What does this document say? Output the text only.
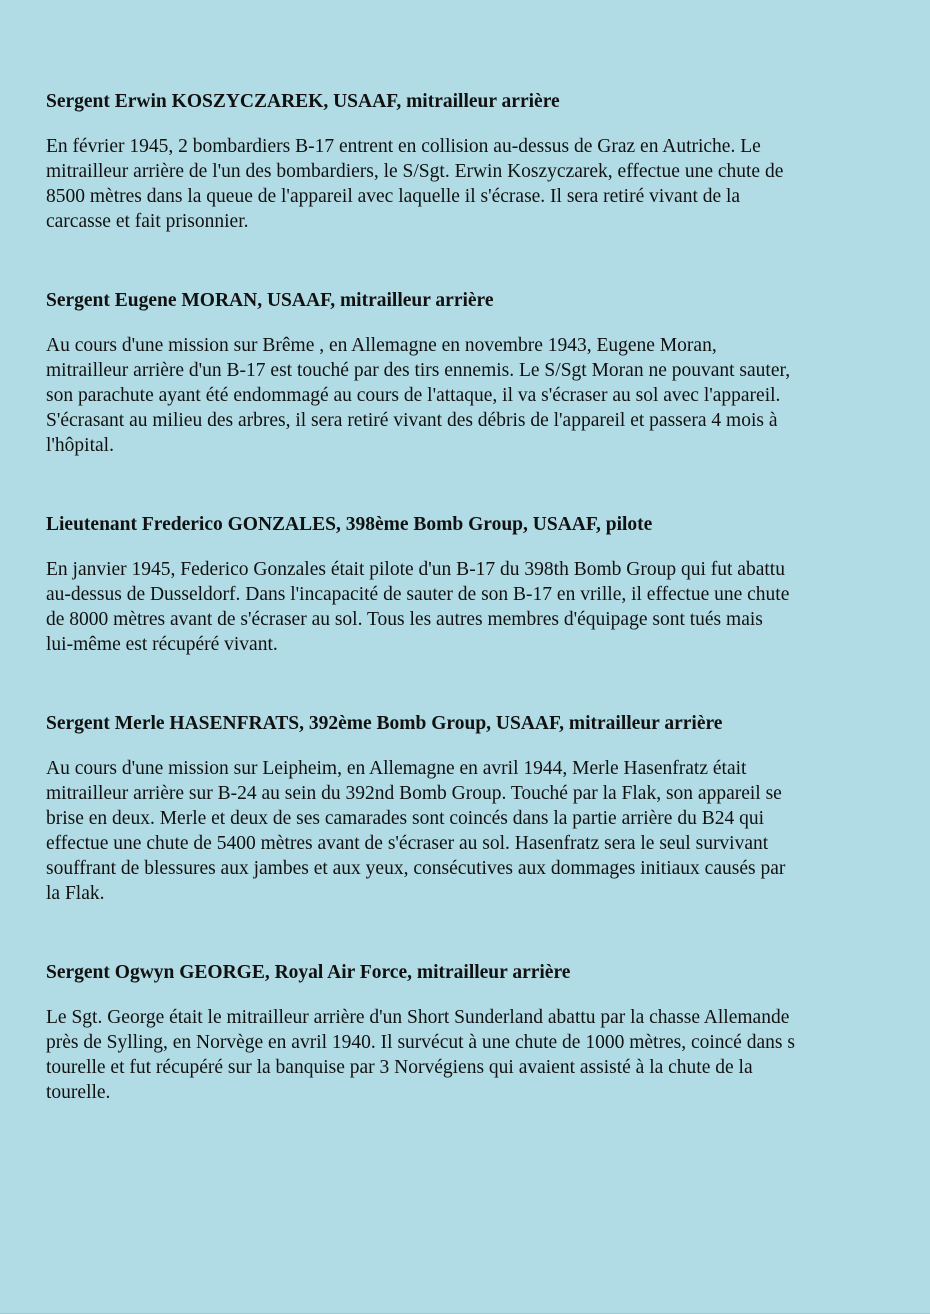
Sergent Erwin KOSZYCZAREK, USAAF, mitrailleur arrière

En février 1945, 2 bombardiers B-17 entrent en collision au-dessus de Graz en Autriche. Le
mitrailleur arrière de l'un des bombardiers, le S/Sgt. Erwin Koszyczarek, effectue une chute de
8500 mètres dans la queue de l'appareil avec laquelle il s'écrase. Il sera retiré vivant de la
carcasse et fait prisonnier.

Sergent Eugene MORAN, USAAF, mitrailleur arrière

Au cours d'une mission sur Brême , en Allemagne en novembre 1943, Eugene Moran,
mitrailleur arrière d'un B-17 est touché par des tirs ennemis. Le S/Sgt Moran ne pouvant sauter,
son parachute ayant été endommagé au cours de l'attaque, il va s'écraser au sol avec l'appareil.
S'écrasant au milieu des arbres, il sera retiré vivant des débris de l'appareil et passera 4 mois à
l'hôpital.

Lieutenant Frederico GONZALES, 398ème Bomb Group, USAAF, pilote

En janvier 1945, Federico Gonzales était pilote d'un B-17 du 398th Bomb Group qui fut abattu
au-dessus de Dusseldorf. Dans l'incapacité de sauter de son B-17 en vrille, il effectue une chute
de 8000 mètres avant de s'écraser au sol. Tous les autres membres d'équipage sont tués mais
lui-même est récupéré vivant.

Sergent Merle HASENFRATS, 392ème Bomb Group, USAAF, mitrailleur arrière

Au cours d'une mission sur Leipheim, en Allemagne en avril 1944, Merle Hasenfratz était
mitrailleur arrière sur B-24 au sein du 392nd Bomb Group. Touché par la Flak, son appareil se
brise en deux. Merle et deux de ses camarades sont coincés dans la partie arrière du B24 qui
effectue une chute de 5400 mètres avant de s'écraser au sol. Hasenfratz sera le seul survivant
souffrant de blessures aux jambes et aux yeux, consécutives aux dommages initiaux causés par
la Flak.

Sergent Ogwyn GEORGE, Royal Air Force, mitrailleur arrière

Le Sgt. George était le mitrailleur arrière d'un Short Sunderland abattu par la chasse Allemande
près de Sylling, en Norvège en avril 1940. Il survécut à une chute de 1000 mètres, coincé dans s
tourelle et fut récupéré sur la banquise par 3 Norvégiens qui avaient assisté à la chute de la
tourelle.
